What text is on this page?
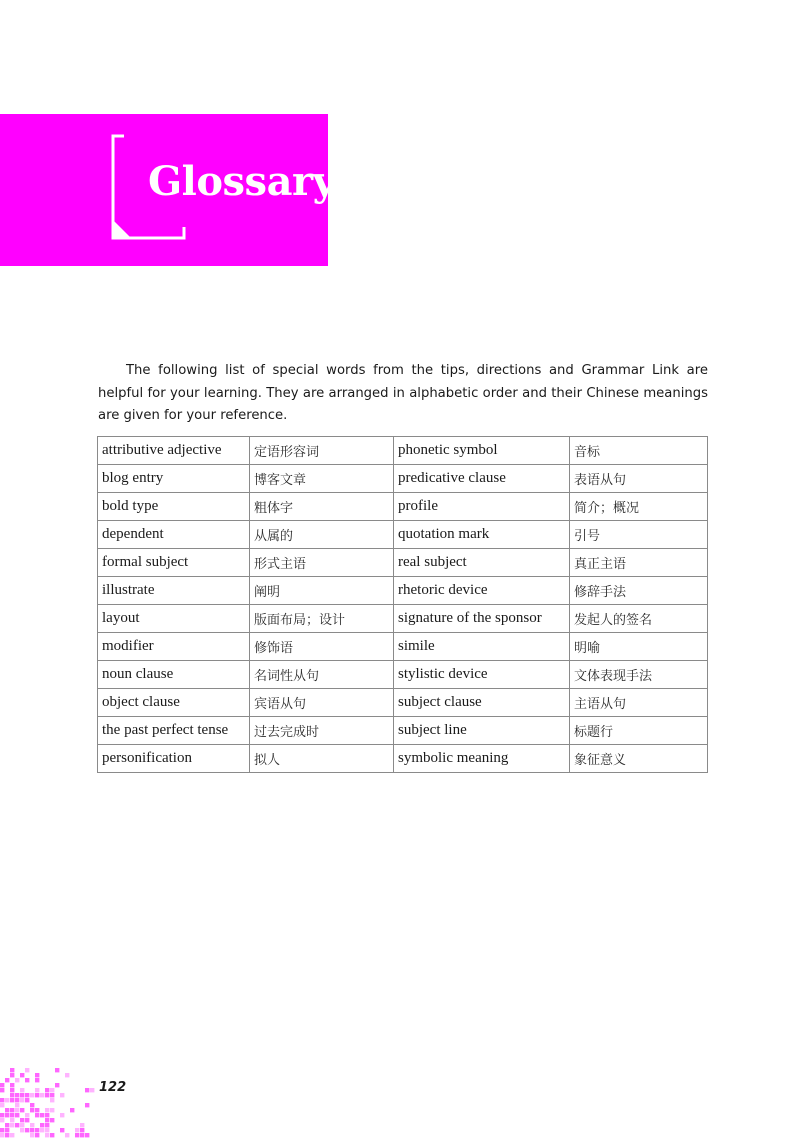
Glossary

The following list of special words from the tips, directions and Grammar Link are helpful for your learning. They are arranged in alphabetic order and their Chinese meanings are given for your reference.

attributive adjective	定语形容词	phonetic symbol	音标
blog entry	博客文章	predicative clause	表语从句
bold type	粗体字	profile	简介；概况
dependent	从属的	quotation mark	引号
formal subject	形式主语	real subject	真正主语
illustrate	阐明	rhetoric device	修辞手法
layout	版面布局；设计	signature of the sponsor	发起人的签名
modifier	修饰语	simile	明喻
noun clause	名词性从句	stylistic device	文体表现手法
object clause	宾语从句	subject clause	主语从句
the past perfect tense	过去完成时	subject line	标题行
personification	拟人	symbolic meaning	象征意义
122
